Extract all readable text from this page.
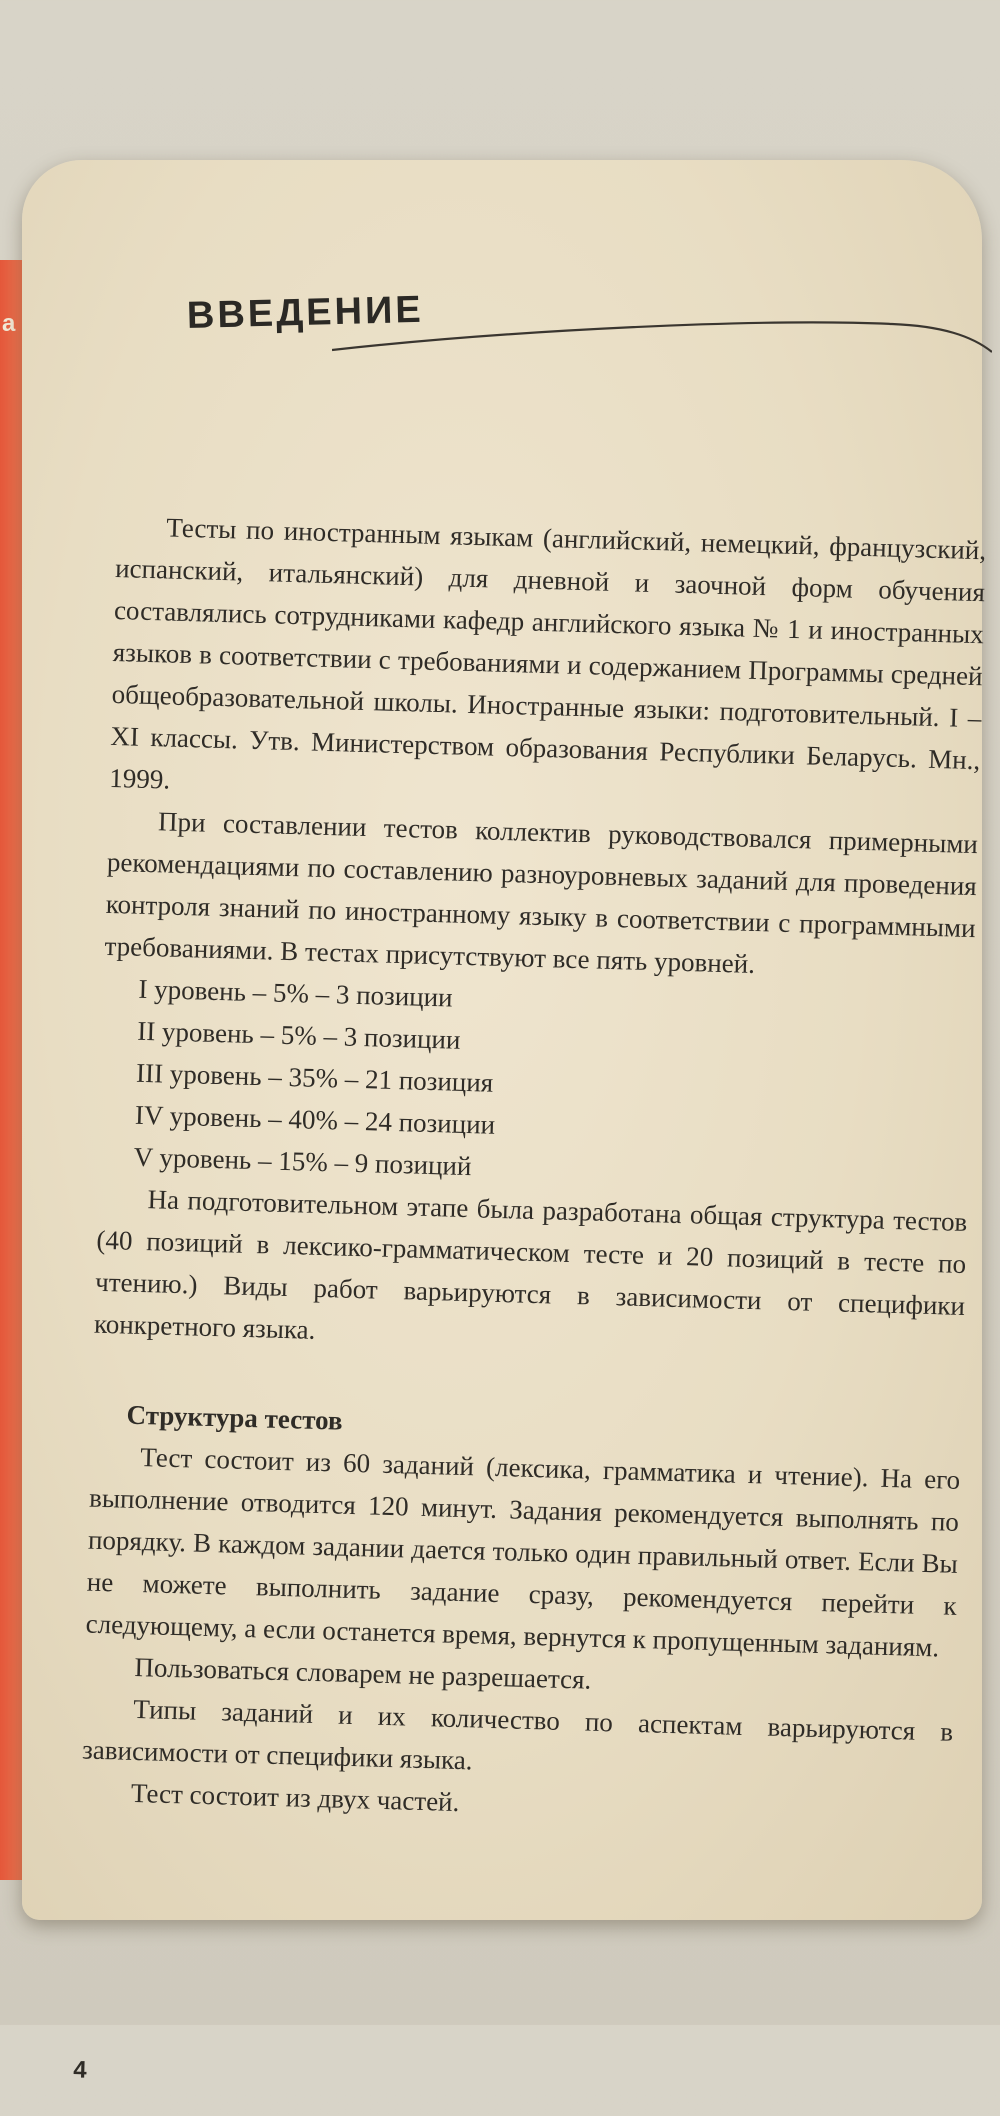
a	ВВЕДЕНИЕ

Тесты по иностранным языкам (английский, немецкий, французский, испанский, итальянский) для дневной и заочной форм обучения составлялись сотрудниками кафедр английского языка № 1 и иностранных языков в соответствии с требованиями и содержанием Программы средней общеобразовательной школы. Иностранные языки: подготовительный. I – XI классы. Утв. Министерством образования Республики Беларусь. Мн., 1999.

При составлении тестов коллектив руководствовался примерными рекомендациями по составлению разноуровневых заданий для проведения контроля знаний по иностранному языку в соответствии с программными требованиями. В тестах присутствуют все пять уровней.

I уровень – 5% – 3 позиции

II уровень – 5% – 3 позиции

III уровень – 35% – 21 позиция

IV уровень – 40% – 24 позиции

V уровень – 15% – 9 позиций

На подготовительном этапе была разработана общая структура тестов (40 позиций в лексико-грамматическом тесте и 20 позиций в тесте по чтению.) Виды работ варьируются в зависимости от специфики конкретного языка.

Структура тестов

Тест состоит из 60 заданий (лексика, грамматика и чтение). На его выполнение отводится 120 минут. Задания рекомендуется выполнять по порядку. В каждом задании дается только один правильный ответ. Если Вы не можете выполнить задание сразу, рекомендуется перейти к следующему, а если останется время, вернутся к пропущенным заданиям.

Пользоваться словарем не разрешается.

Типы заданий и их количество по аспектам варьируются в зависимости от специфики языка.

Тест состоит из двух частей.

4
